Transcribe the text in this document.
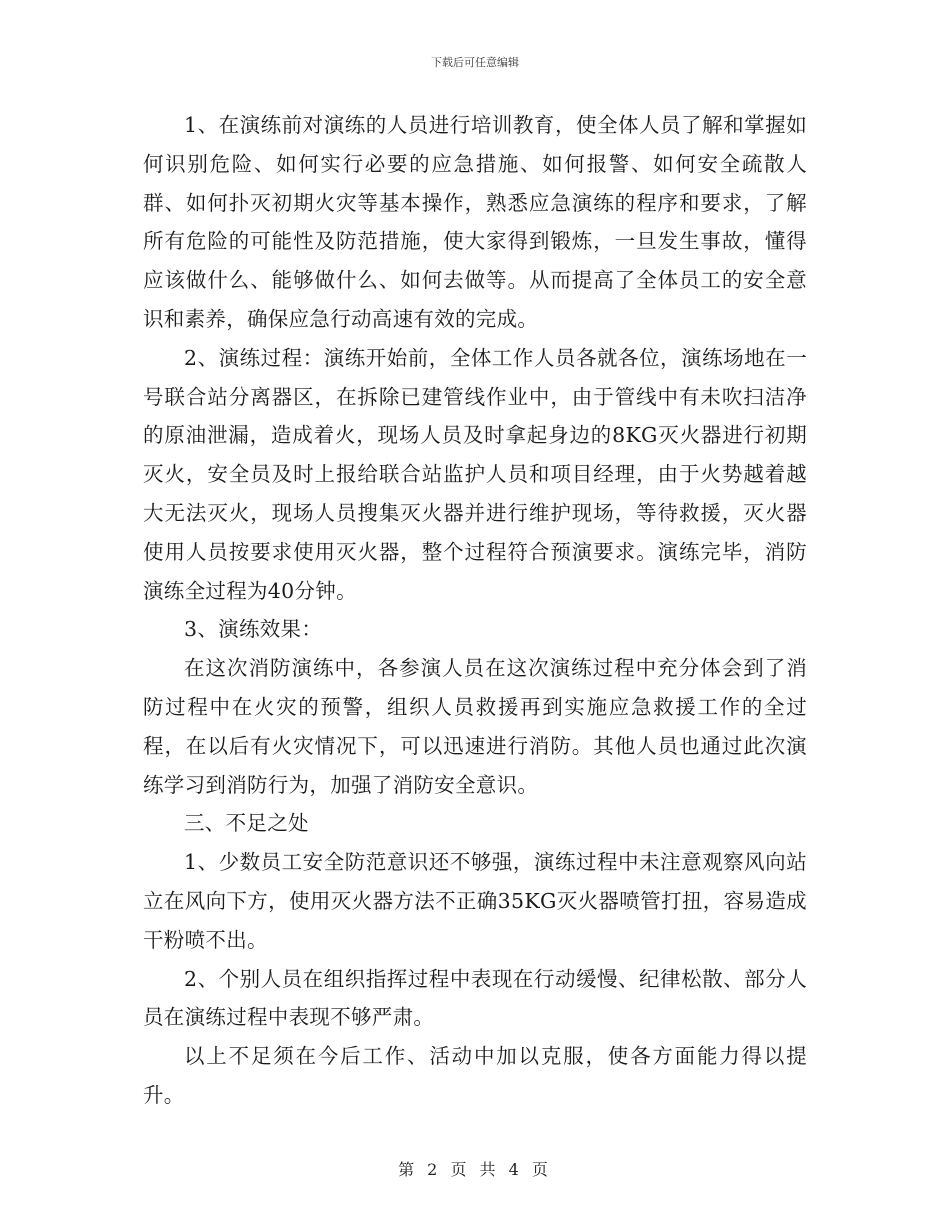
下载后可任意编辑

1、在演练前对演练的人员进行培训教育，使全体人员了解和掌握如何识别危险、如何实行必要的应急措施、如何报警、如何安全疏散人群、如何扑灭初期火灾等基本操作，熟悉应急演练的程序和要求，了解所有危险的可能性及防范措施，使大家得到锻炼，一旦发生事故，懂得应该做什么、能够做什么、如何去做等。从而提高了全体员工的安全意识和素养，确保应急行动高速有效的完成。

2、演练过程：演练开始前，全体工作人员各就各位，演练场地在一号联合站分离器区，在拆除已建管线作业中，由于管线中有未吹扫洁净的原油泄漏，造成着火，现场人员及时拿起身边的8KG灭火器进行初期灭火，安全员及时上报给联合站监护人员和项目经理，由于火势越着越大无法灭火，现场人员搜集灭火器并进行维护现场，等待救援，灭火器使用人员按要求使用灭火器，整个过程符合预演要求。演练完毕，消防演练全过程为40分钟。

3、演练效果：

在这次消防演练中，各参演人员在这次演练过程中充分体会到了消防过程中在火灾的预警，组织人员救援再到实施应急救援工作的全过程，在以后有火灾情况下，可以迅速进行消防。其他人员也通过此次演练学习到消防行为，加强了消防安全意识。

三、不足之处

1、少数员工安全防范意识还不够强，演练过程中未注意观察风向站立在风向下方，使用灭火器方法不正确35KG灭火器喷管打扭，容易造成干粉喷不出。

2、个别人员在组织指挥过程中表现在行动缓慢、纪律松散、部分人员在演练过程中表现不够严肃。

以上不足须在今后工作、活动中加以克服，使各方面能力得以提升。

第 2 页 共 4 页
